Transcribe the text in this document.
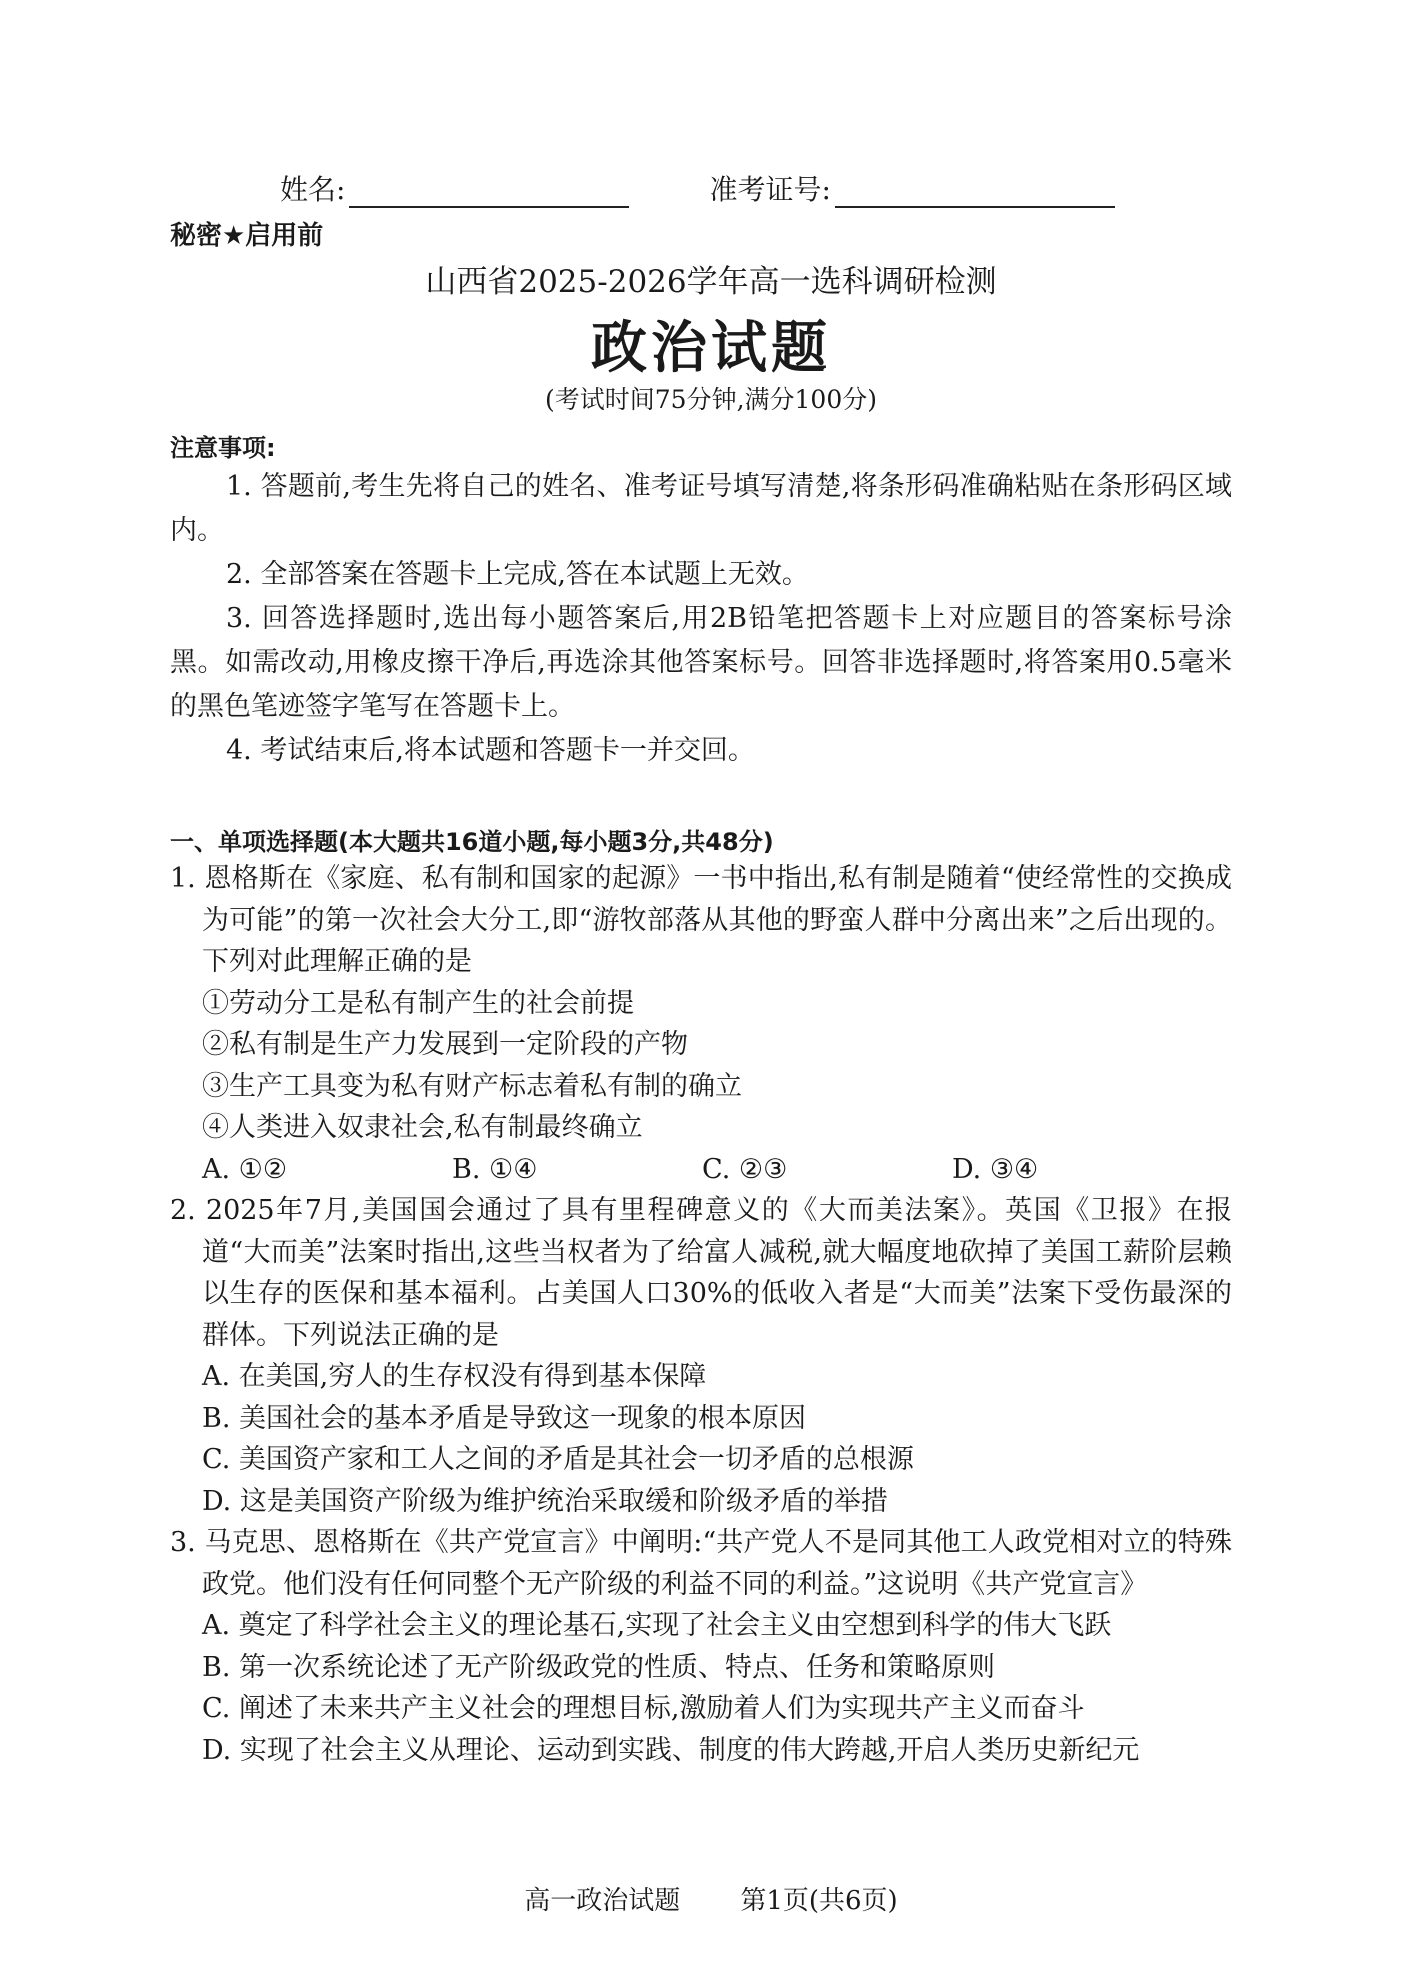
姓名:	准考证号:
秘密★启用前
山西省2025-2026学年高一选科调研检测
政治试题
(考试时间75分钟,满分100分)
注意事项:

1. 答题前,考生先将自己的姓名、准考证号填写清楚,将条形码准确粘贴在条形码区域内。

2. 全部答案在答题卡上完成,答在本试题上无效。

3. 回答选择题时,选出每小题答案后,用2B铅笔把答题卡上对应题目的答案标号涂黑。如需改动,用橡皮擦干净后,再选涂其他答案标号。回答非选择题时,将答案用0.5毫米的黑色笔迹签字笔写在答题卡上。

4. 考试结束后,将本试题和答题卡一并交回。

一、单项选择题(本大题共16道小题,每小题3分,共48分)

1. 恩格斯在《家庭、私有制和国家的起源》一书中指出,私有制是随着“使经常性的交换成为可能”的第一次社会大分工,即“游牧部落从其他的野蛮人群中分离出来”之后出现的。下列对此理解正确的是

①劳动分工是私有制产生的社会前提
②私有制是生产力发展到一定阶段的产物
③生产工具变为私有财产标志着私有制的确立
④人类进入奴隶社会,私有制最终确立
A. ①②	B. ①④	C. ②③	D. ③④

2. 2025年7月,美国国会通过了具有里程碑意义的《大而美法案》。英国《卫报》在报道“大而美”法案时指出,这些当权者为了给富人减税,就大幅度地砍掉了美国工薪阶层赖以生存的医保和基本福利。占美国人口30%的低收入者是“大而美”法案下受伤最深的群体。下列说法正确的是

A. 在美国,穷人的生存权没有得到基本保障
B. 美国社会的基本矛盾是导致这一现象的根本原因
C. 美国资产家和工人之间的矛盾是其社会一切矛盾的总根源
D. 这是美国资产阶级为维护统治采取缓和阶级矛盾的举措

3. 马克思、恩格斯在《共产党宣言》中阐明:“共产党人不是同其他工人政党相对立的特殊政党。他们没有任何同整个无产阶级的利益不同的利益。”这说明《共产党宣言》

A. 奠定了科学社会主义的理论基石,实现了社会主义由空想到科学的伟大飞跃
B. 第一次系统论述了无产阶级政党的性质、特点、任务和策略原则
C. 阐述了未来共产主义社会的理想目标,激励着人们为实现共产主义而奋斗
D. 实现了社会主义从理论、运动到实践、制度的伟大跨越,开启人类历史新纪元
高一政治试题 第1页(共6页)
